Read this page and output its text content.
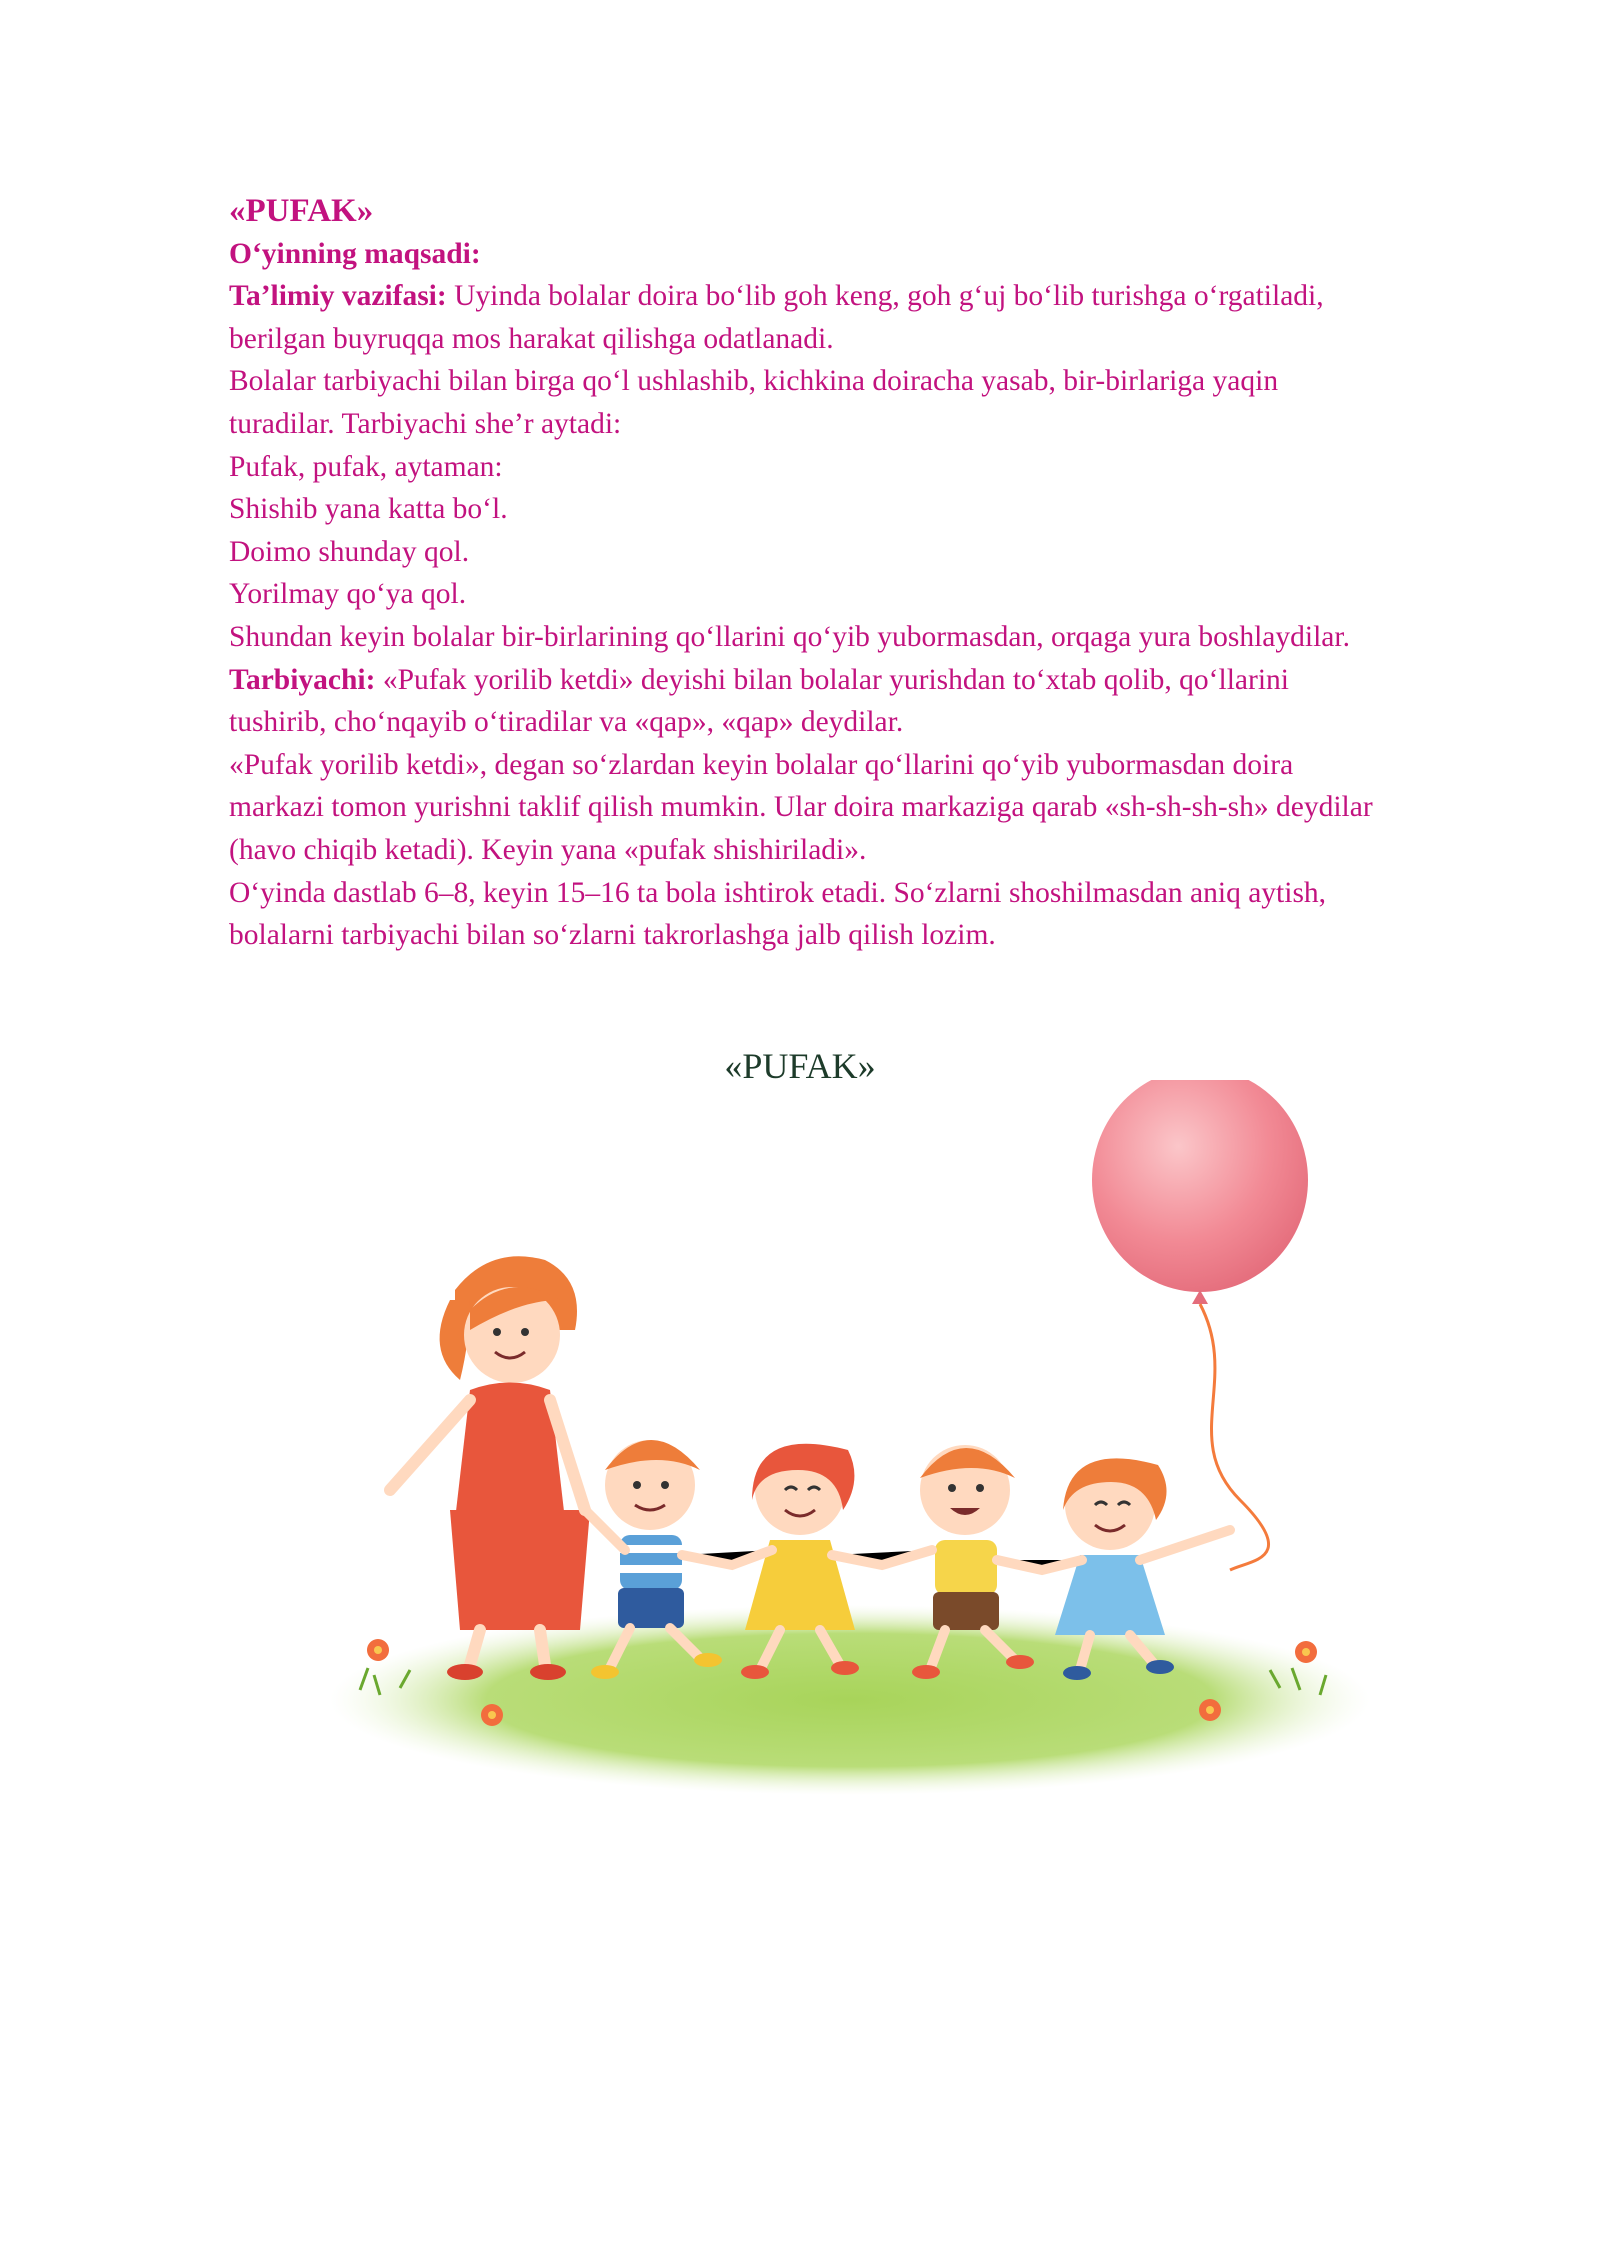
«PUFAK»

O‘yinning maqsadi:

Ta’limiy vazifasi: Uyinda bolalar doira bo‘lib goh keng, goh g‘uj bo‘lib turishga o‘rgatiladi,

berilgan buyruqqa mos harakat qilishga odatlanadi.

Bolalar tarbiyachi bilan birga qo‘l ushlashib, kichkina doiracha yasab, bir-birlariga yaqin

turadilar. Tarbiyachi she’r aytadi:

Pufak, pufak, aytaman:

Shishib yana katta bo‘l.

Doimo shunday qol.

Yorilmay qo‘ya qol.

Shundan keyin bolalar bir-birlarining qo‘llarini qo‘yib yubormasdan, orqaga yura boshlaydilar.

Tarbiyachi: «Pufak yorilib ketdi» deyishi bilan bolalar yurishdan to‘xtab qolib, qo‘llarini

tushirib, cho‘nqayib o‘tiradilar va «qap», «qap» deydilar.

«Pufak yorilib ketdi», degan so‘zlardan keyin bolalar qo‘llarini qo‘yib yubormasdan doira

markazi tomon yurishni taklif qilish mumkin. Ular doira markaziga qarab «sh-sh-sh-sh» deydilar

(havo chiqib ketadi). Keyin yana «pufak shishiriladi».

O‘yinda dastlab 6–8, keyin 15–16 ta bola ishtirok etadi. So‘zlarni shoshilmasdan aniq aytish,

bolalarni tarbiyachi bilan so‘zlarni takrorlashga jalb qilish lozim.

«PUFAK»
